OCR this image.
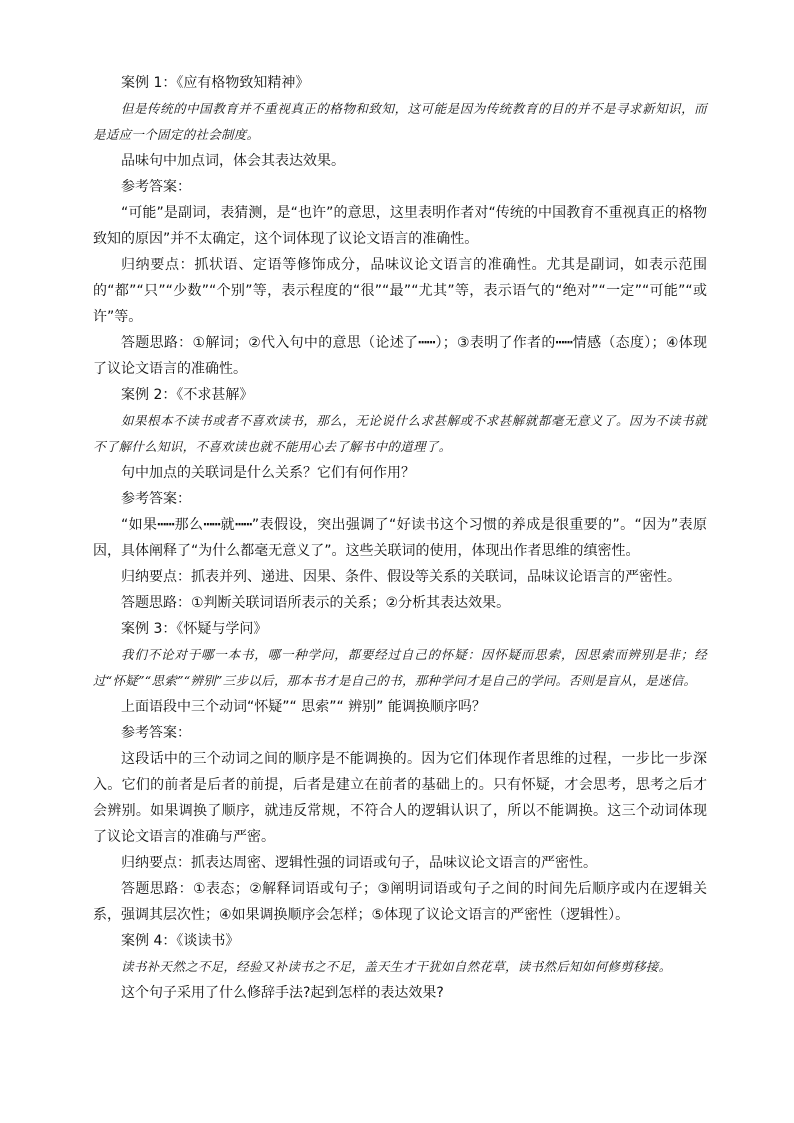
案例 1：《应有格物致知精神》

但是传统的中国教育并不重视真正的格物和致知，这可能是因为传统教育的目的并不是寻求新知识，而是适应一个固定的社会制度。

品味句中加点词，体会其表达效果。

参考答案：

“可能”是副词，表猜测，是“也许”的意思，这里表明作者对“传统的中国教育不重视真正的格物致知的原因”并不太确定，这个词体现了议论文语言的准确性。

归纳要点：抓状语、定语等修饰成分，品味议论文语言的准确性。尤其是副词，如表示范围的“都”“只”“少数”“个别”等，表示程度的“很”“最”“尤其”等，表示语气的“绝对”“一定”“可能”“或许”等。

答题思路：①解词；②代入句中的意思（论述了┅┅）；③表明了作者的┅┅情感（态度）；④体现了议论文语言的准确性。

案例 2：《不求甚解》

如果根本不读书或者不喜欢读书，那么，无论说什么求甚解或不求甚解就都毫无意义了。因为不读书就不了解什么知识，不喜欢读也就不能用心去了解书中的道理了。

句中加点的关联词是什么关系？它们有何作用？

参考答案：

“如果┅┅那么┅┅就┅┅”表假设，突出强调了“好读书这个习惯的养成是很重要的”。“因为”表原因，具体阐释了“为什么都毫无意义了”。这些关联词的使用，体现出作者思维的缜密性。

归纳要点：抓表并列、递进、因果、条件、假设等关系的关联词，品味议论语言的严密性。

答题思路：①判断关联词语所表示的关系；②分析其表达效果。

案例 3：《怀疑与学问》

我们不论对于哪一本书，哪一种学问，都要经过自己的怀疑：因怀疑而思索，因思索而辨别是非；经过“怀疑”“思索”“辨别”三步以后，那本书才是自己的书，那种学问才是自己的学问。否则是盲从，是迷信。

上面语段中三个动词“怀疑”“ 思索”“ 辨别” 能调换顺序吗？

参考答案：

这段话中的三个动词之间的顺序是不能调换的。因为它们体现作者思维的过程，一步比一步深入。它们的前者是后者的前提，后者是建立在前者的基础上的。只有怀疑，才会思考，思考之后才会辨别。如果调换了顺序，就违反常规，不符合人的逻辑认识了，所以不能调换。这三个动词体现了议论文语言的准确与严密。

归纳要点：抓表达周密、逻辑性强的词语或句子，品味议论文语言的严密性。

答题思路：①表态；②解释词语或句子；③阐明词语或句子之间的时间先后顺序或内在逻辑关系，强调其层次性；④如果调换顺序会怎样；⑤体现了议论文语言的严密性（逻辑性）。

案例 4：《谈读书》

读书补天然之不足，经验又补读书之不足，盖天生才干犹如自然花草，读书然后知如何修剪移接。

这个句子采用了什么修辞手法?起到怎样的表达效果?
